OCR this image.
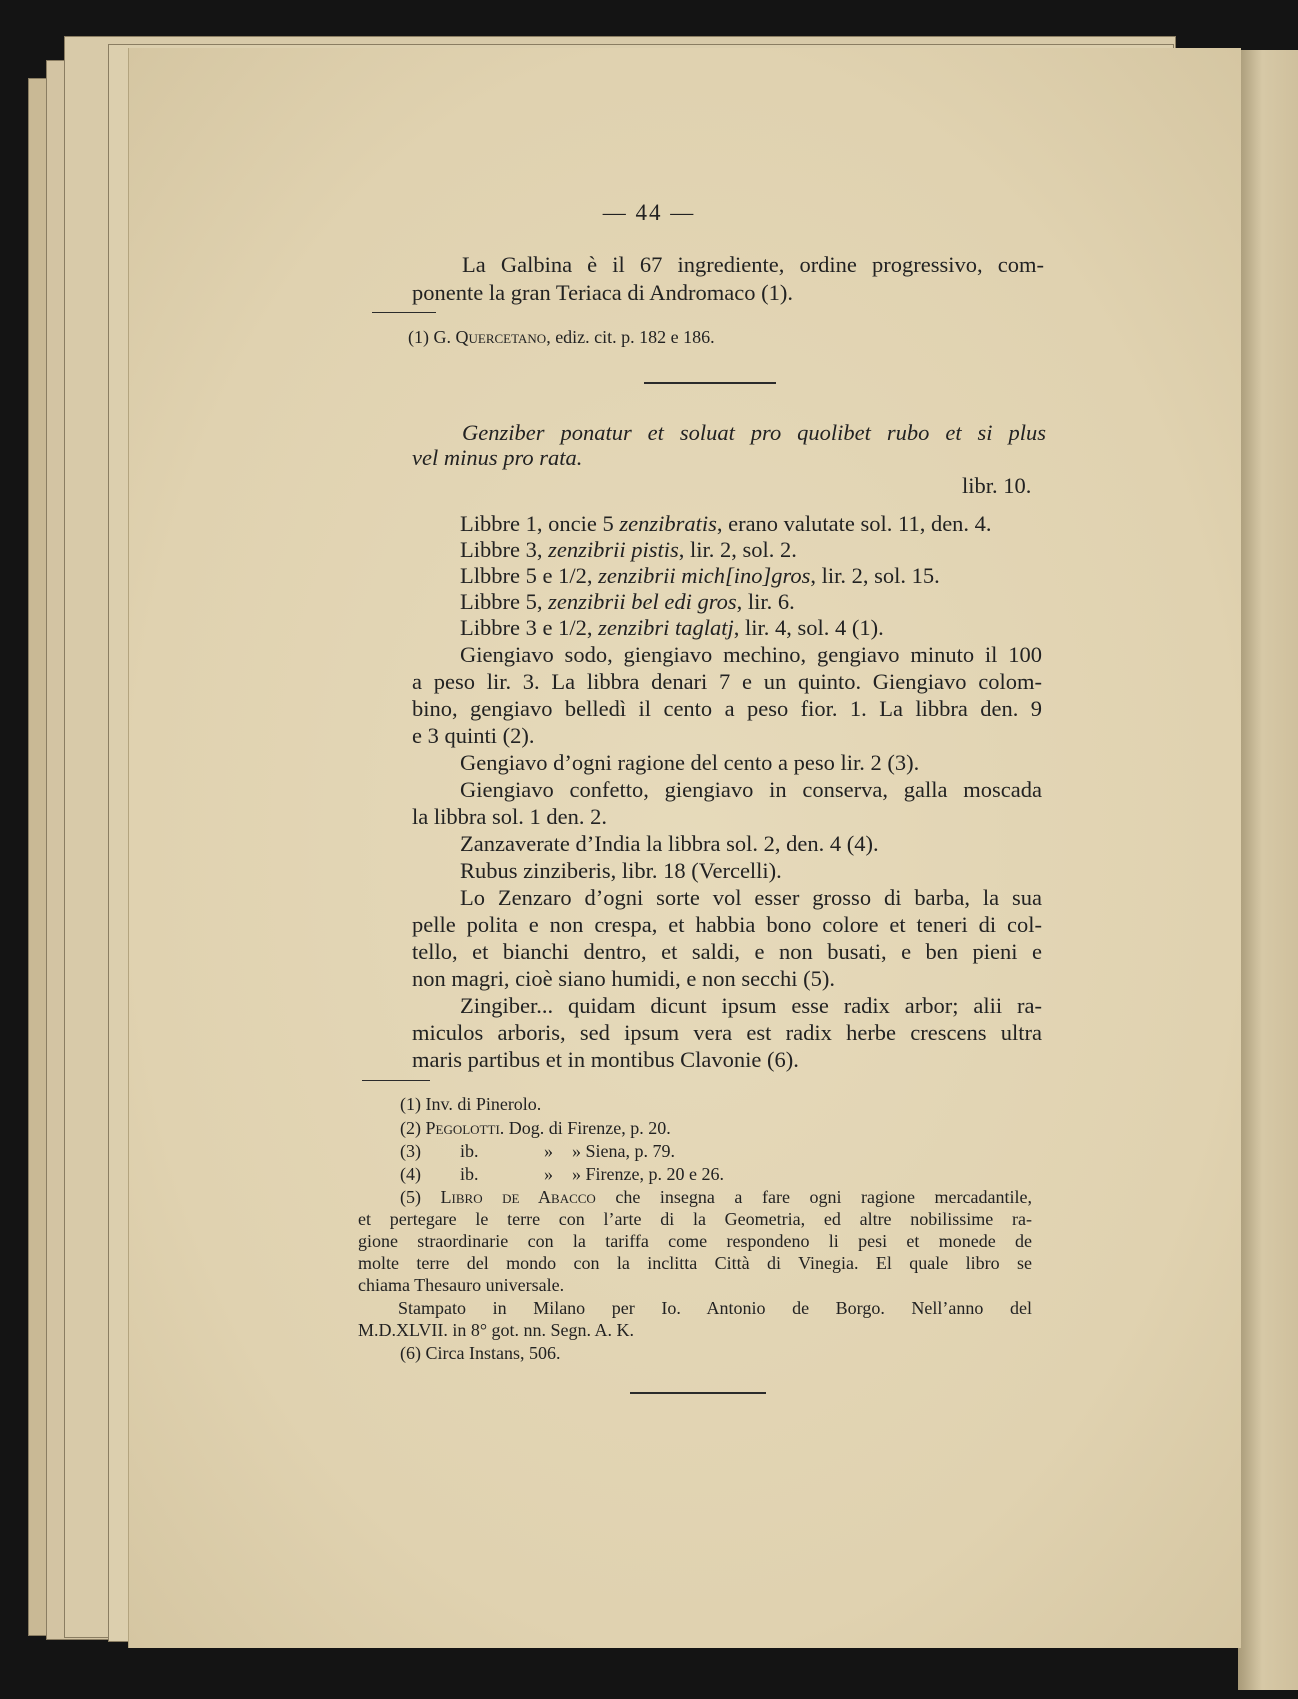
— 44 —
La Galbina è il 67 ingrediente, ordine progressivo, com-
ponente la gran Teriaca di Andromaco (1).
(1) G. Quercetano, ediz. cit. p. 182 e 186.
Genziber ponatur et soluat pro quolibet rubo et si plus
vel minus pro rata.
libr. 10.
Libbre 1, oncie 5 zenzibratis, erano valutate sol. 11, den. 4.
Libbre 3, zenzibrii pistis, lir. 2, sol. 2.
Llbbre 5 e 1/2, zenzibrii mich[ino]gros, lir. 2, sol. 15.
Libbre 5, zenzibrii bel edi gros, lir. 6.
Libbre 3 e 1/2, zenzibri taglatj, lir. 4, sol. 4 (1).
Giengiavo sodo, giengiavo mechino, gengiavo minuto il 100
a peso lir. 3. La libbra denari 7 e un quinto. Giengiavo colom-
bino, gengiavo belledì il cento a peso fior. 1. La libbra den. 9
e 3 quinti (2).
Gengiavo d’ogni ragione del cento a peso lir. 2 (3).
Giengiavo confetto, giengiavo in conserva, galla moscada
la libbra sol. 1 den. 2.
Zanzaverate d’India la libbra sol. 2, den. 4 (4).
Rubus zinziberis, libr. 18 (Vercelli).
Lo Zenzaro d’ogni sorte vol esser grosso di barba, la sua
pelle polita e non crespa, et habbia bono colore et teneri di col-
tello, et bianchi dentro, et saldi, e non busati, e ben pieni e
non magri, cioè siano humidi, e non secchi (5).
Zingiber... quidam dicunt ipsum esse radix arbor; alii ra-
miculos arboris, sed ipsum vera est radix herbe crescens ultra
maris partibus et in montibus Clavonie (6).
(1) Inv. di Pinerolo.
(2) Pegolotti. Dog. di Firenze, p. 20.
(3) ib.	» » Siena, p. 79.
(4) ib.	» » Firenze, p. 20 e 26.
(5) Libro de Abacco che insegna a fare ogni ragione mercadantile,
et pertegare le terre con l’arte di la Geometria, ed altre nobilissime ra-
gione straordinarie con la tariffa come respondeno li pesi et monede de
molte terre del mondo con la inclitta Città di Vinegia. El quale libro se
chiama Thesauro universale.
Stampato in Milano per Io. Antonio de Borgo. Nell’anno del
M.D.XLVII. in 8° got. nn. Segn. A. K.
(6) Circa Instans, 506.
